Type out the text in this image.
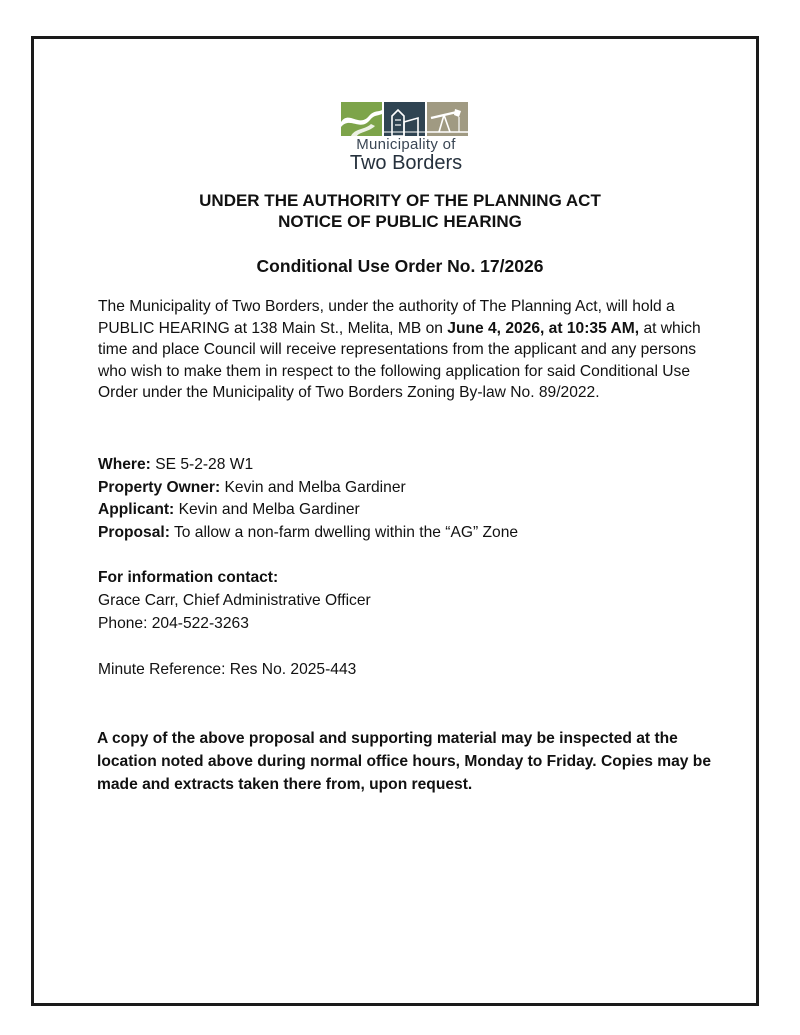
Municipality of
Two Borders
UNDER THE AUTHORITY OF THE PLANNING ACT
NOTICE OF PUBLIC HEARING
Conditional Use Order No. 17/2026

The Municipality of Two Borders, under the authority of The Planning Act, will hold a PUBLIC HEARING at 138 Main St., Melita, MB on June 4, 2026, at 10:35 AM, at which time and place Council will receive representations from the applicant and any persons who wish to make them in respect to the following application for said Conditional Use Order under the Municipality of Two Borders Zoning By-law No. 89/2022.

Where: SE 5-2-28 W1
Property Owner: Kevin and Melba Gardiner
Applicant: Kevin and Melba Gardiner
Proposal: To allow a non-farm dwelling within the “AG” Zone
For information contact:
Grace Carr, Chief Administrative Officer
Phone: 204-522-3263
Minute Reference: Res No. 2025-443

A copy of the above proposal and supporting material may be inspected at the location noted above during normal office hours, Monday to Friday. Copies may be made and extracts taken there from, upon request.
